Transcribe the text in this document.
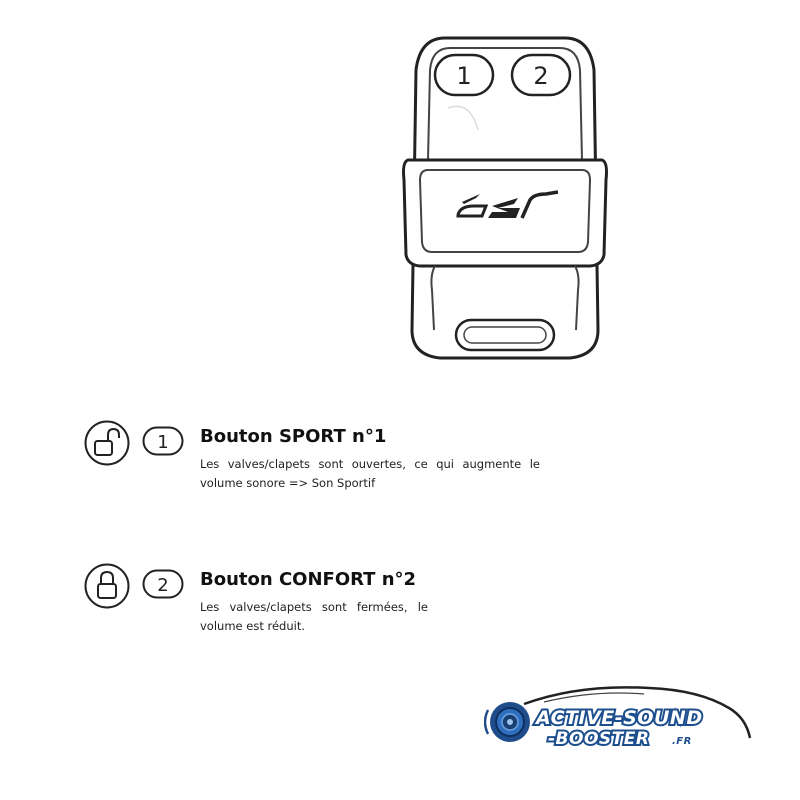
1	2
1 Bouton SPORT n°1
Les valves/clapets sont ouvertes, ce qui augmente le volume sonore => Son Sportif
2 Bouton CONFORT n°2
Les valves/clapets sont fermées, le volume est réduit.
ACTIVE-SOUND
-BOOSTER .FR
